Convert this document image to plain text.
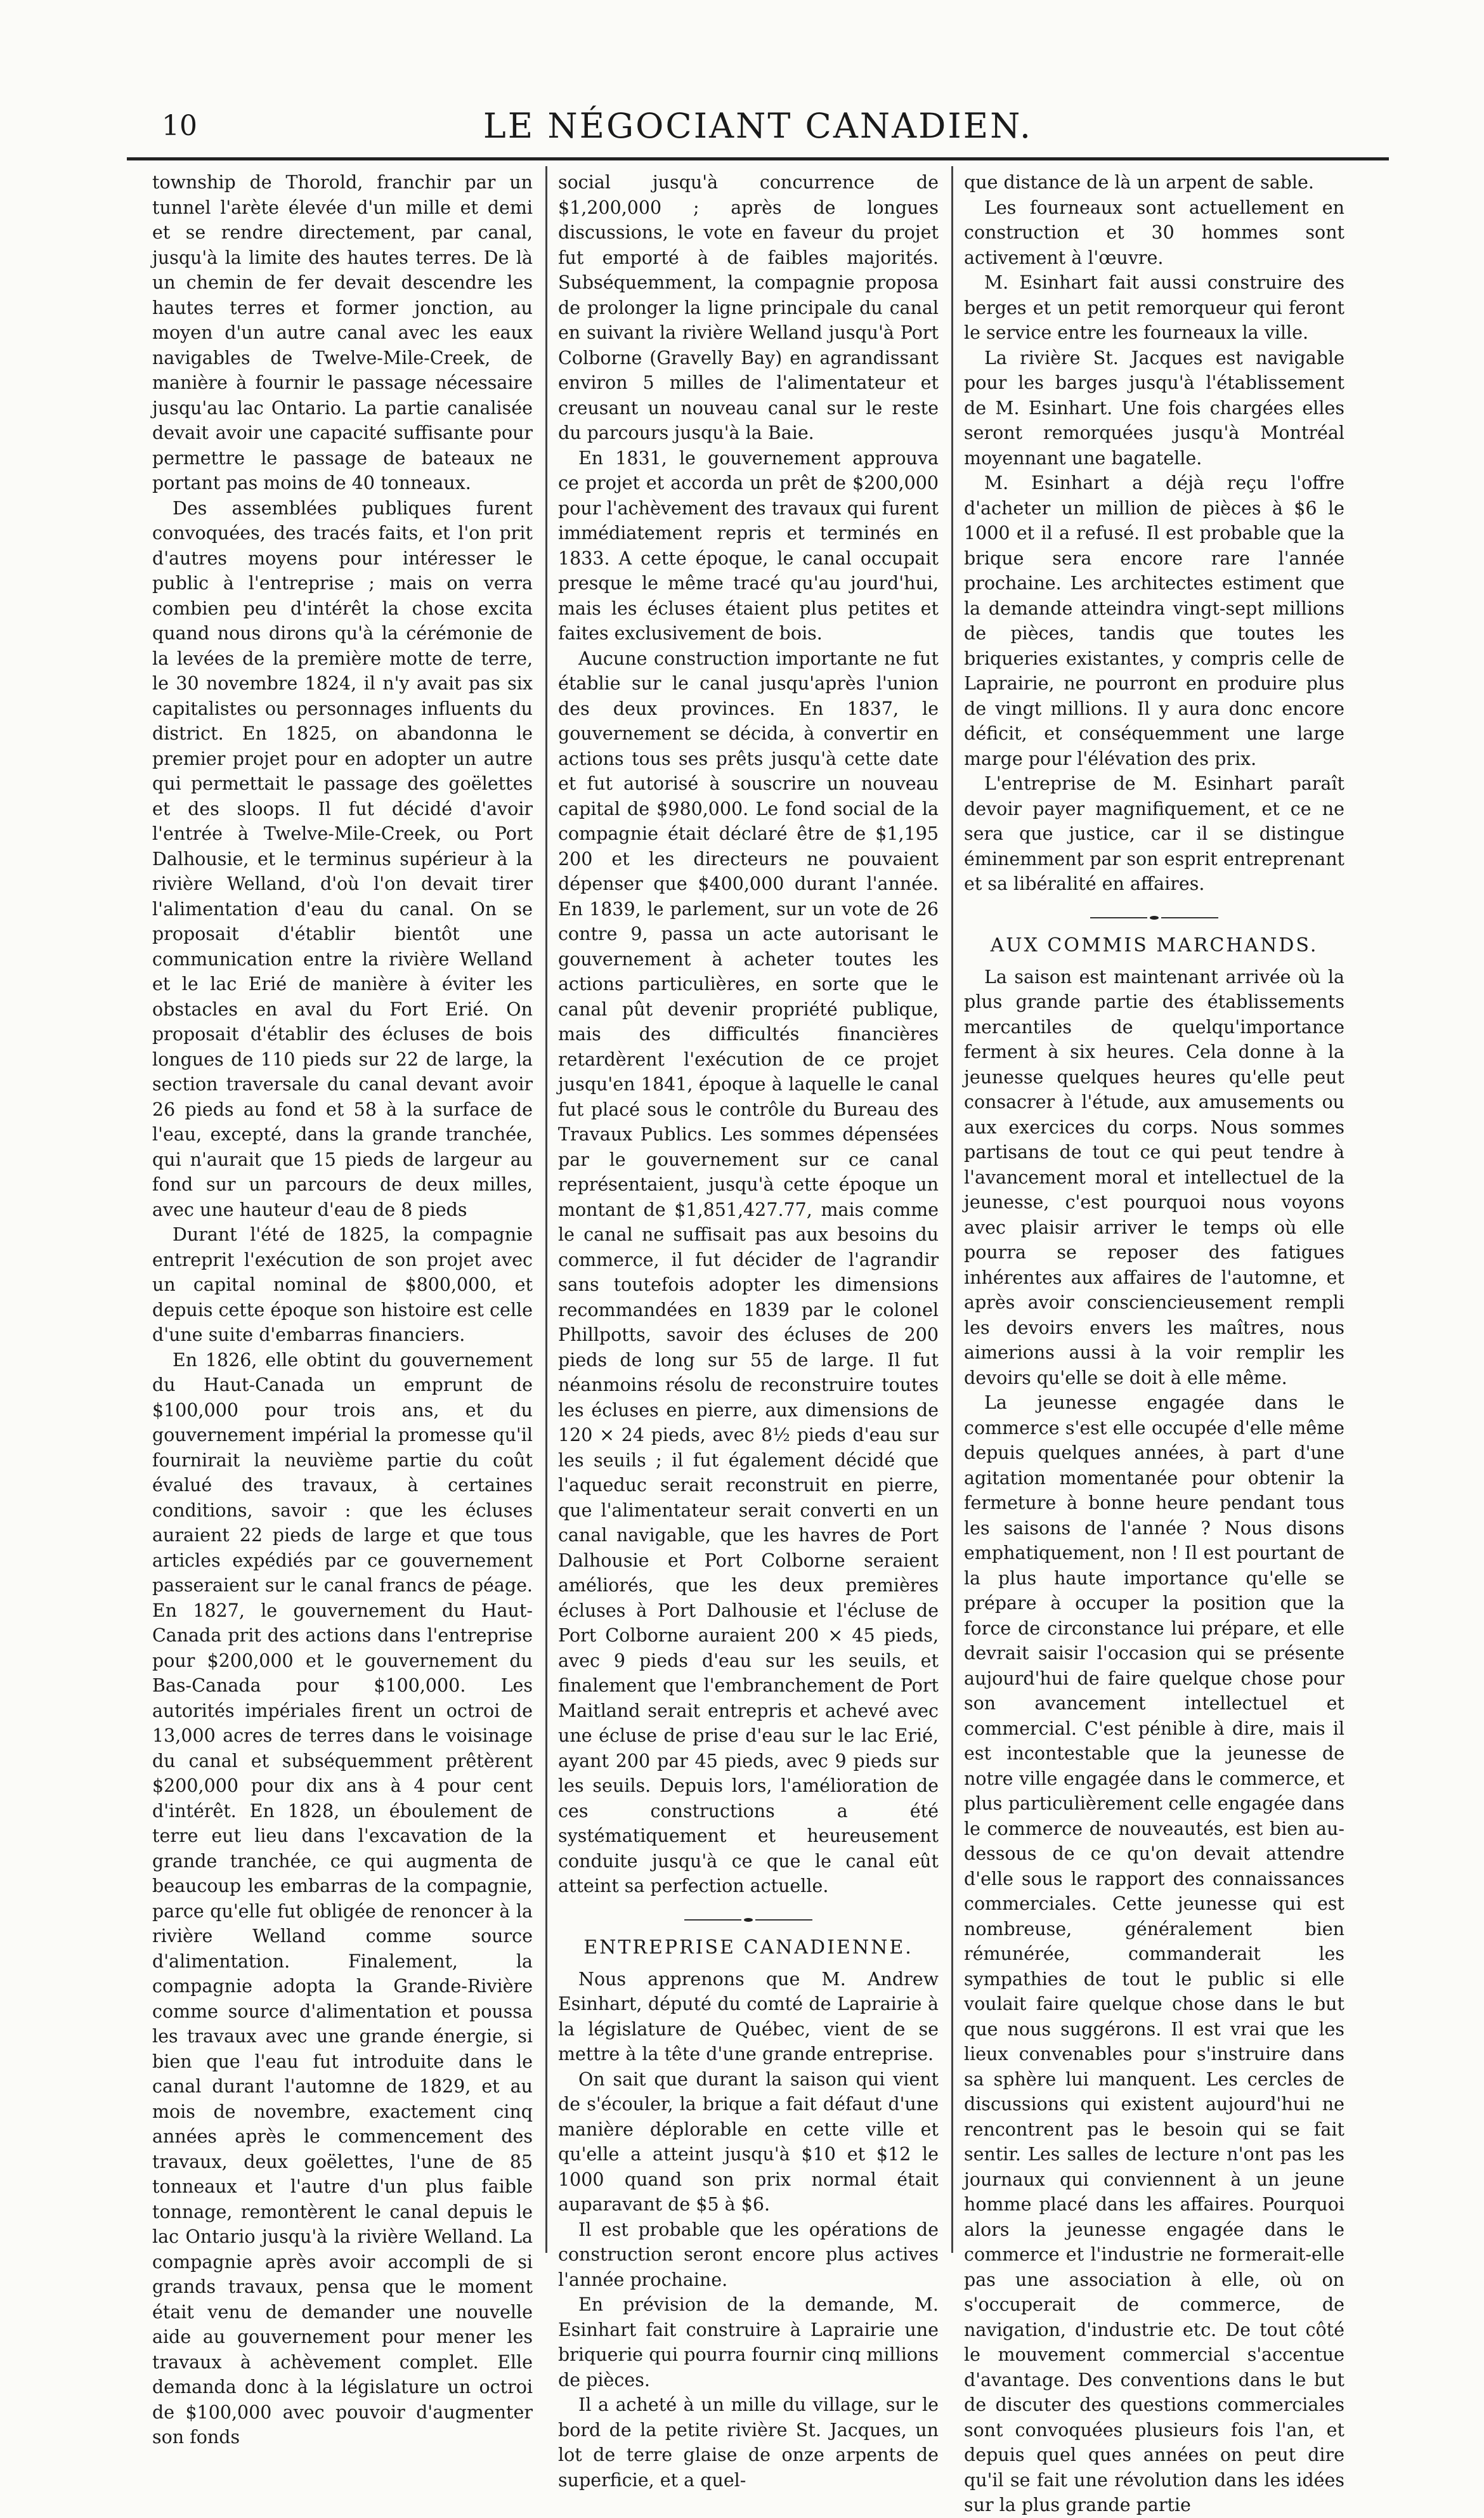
10	LE NÉGOCIANT CANADIEN.

township de Thorold, franchir par un tunnel l'arète élevée d'un mille et demi et se rendre directement, par canal, jusqu'à la limite des hautes terres. De là un chemin de fer devait descendre les hautes terres et former jonction, au moyen d'un autre canal avec les eaux navigables de Twelve-Mile-Creek, de manière à fournir le passage nécessaire jusqu'au lac Ontario. La partie canalisée devait avoir une capacité suffisante pour permettre le passage de bateaux ne portant pas moins de 40 tonneaux.

Des assemblées publiques furent convoquées, des tracés faits, et l'on prit d'autres moyens pour intéresser le public à l'entreprise ; mais on verra combien peu d'intérêt la chose excita quand nous dirons qu'à la cérémonie de la levées de la première motte de terre, le 30 novembre 1824, il n'y avait pas six capitalistes ou personnages influents du district. En 1825, on abandonna le premier projet pour en adopter un autre qui permettait le passage des goëlettes et des sloops. Il fut décidé d'avoir l'entrée à Twelve-Mile-Creek, ou Port Dalhousie, et le terminus supérieur à la rivière Welland, d'où l'on devait tirer l'alimentation d'eau du canal. On se proposait d'établir bientôt une communication entre la rivière Welland et le lac Erié de manière à éviter les obstacles en aval du Fort Erié. On proposait d'établir des écluses de bois longues de 110 pieds sur 22 de large, la section traversale du canal devant avoir 26 pieds au fond et 58 à la surface de l'eau, excepté, dans la grande tranchée, qui n'aurait que 15 pieds de largeur au fond sur un parcours de deux milles, avec une hauteur d'eau de 8 pieds

Durant l'été de 1825, la compagnie entreprit l'exécution de son projet avec un capital nominal de $800,000, et depuis cette époque son histoire est celle d'une suite d'embarras financiers.

En 1826, elle obtint du gouvernement du Haut-Canada un emprunt de $100,000 pour trois ans, et du gouvernement impérial la promesse qu'il fournirait la neuvième partie du coût évalué des travaux, à certaines conditions, savoir : que les écluses auraient 22 pieds de large et que tous articles expédiés par ce gouvernement passeraient sur le canal francs de péage. En 1827, le gouvernement du Haut-Canada prit des actions dans l'entreprise pour $200,000 et le gouvernement du Bas-Canada pour $100,000. Les autorités impériales firent un octroi de 13,000 acres de terres dans le voisinage du canal et subséquemment prêtèrent $200,000 pour dix ans à 4 pour cent d'intérêt. En 1828, un éboulement de terre eut lieu dans l'excavation de la grande tranchée, ce qui augmenta de beaucoup les embarras de la compagnie, parce qu'elle fut obligée de renoncer à la rivière Welland comme source d'alimentation. Finalement, la compagnie adopta la Grande-Rivière comme source d'alimentation et poussa les travaux avec une grande énergie, si bien que l'eau fut introduite dans le canal durant l'automne de 1829, et au mois de novembre, exactement cinq années après le commencement des travaux, deux goëlettes, l'une de 85 tonneaux et l'autre d'un plus faible tonnage, remontèrent le canal depuis le lac Ontario jusqu'à la rivière Welland. La compagnie après avoir accompli de si grands travaux, pensa que le moment était venu de demander une nouvelle aide au gouvernement pour mener les travaux à achèvement complet. Elle demanda donc à la législature un octroi de $100,000 avec pouvoir d'augmenter son fonds

social jusqu'à concurrence de $1,200,000 ; après de longues discussions, le vote en faveur du projet fut emporté à de faibles majorités. Subséquemment, la compagnie proposa de prolonger la ligne principale du canal en suivant la rivière Welland jusqu'à Port Colborne (Gravelly Bay) en agrandissant environ 5 milles de l'alimentateur et creusant un nouveau canal sur le reste du parcours jusqu'à la Baie.

En 1831, le gouvernement approuva ce projet et accorda un prêt de $200,000 pour l'achèvement des travaux qui furent immédiatement repris et terminés en 1833. A cette époque, le canal occupait presque le même tracé qu'au jourd'hui, mais les écluses étaient plus petites et faites exclusivement de bois.

Aucune construction importante ne fut établie sur le canal jusqu'après l'union des deux provinces. En 1837, le gouvernement se décida, à convertir en actions tous ses prêts jusqu'à cette date et fut autorisé à souscrire un nouveau capital de $980,000. Le fond social de la compagnie était déclaré être de $1,195 200 et les directeurs ne pouvaient dépenser que $400,000 durant l'année. En 1839, le parlement, sur un vote de 26 contre 9, passa un acte autorisant le gouvernement à acheter toutes les actions particulières, en sorte que le canal pût devenir propriété publique, mais des difficultés financières retardèrent l'exécution de ce projet jusqu'en 1841, époque à laquelle le canal fut placé sous le contrôle du Bureau des Travaux Publics. Les sommes dépensées par le gouvernement sur ce canal représentaient, jusqu'à cette époque un montant de $1,851,427.77, mais comme le canal ne suffisait pas aux besoins du commerce, il fut décider de l'agrandir sans toutefois adopter les dimensions recommandées en 1839 par le colonel Phillpotts, savoir des écluses de 200 pieds de long sur 55 de large. Il fut néanmoins résolu de reconstruire toutes les écluses en pierre, aux dimensions de 120 × 24 pieds, avec 8½ pieds d'eau sur les seuils ; il fut également décidé que l'aqueduc serait reconstruit en pierre, que l'alimentateur serait converti en un canal navigable, que les havres de Port Dalhousie et Port Colborne seraient améliorés, que les deux premières écluses à Port Dalhousie et l'écluse de Port Colborne auraient 200 × 45 pieds, avec 9 pieds d'eau sur les seuils, et finalement que l'embranchement de Port Maitland serait entrepris et achevé avec une écluse de prise d'eau sur le lac Erié, ayant 200 par 45 pieds, avec 9 pieds sur les seuils. Depuis lors, l'amélioration de ces constructions a été systématiquement et heureusement conduite jusqu'à ce que le canal eût atteint sa perfection actuelle.

ENTREPRISE CANADIENNE.

Nous apprenons que M. Andrew Esinhart, député du comté de Laprairie à la législature de Québec, vient de se mettre à la tête d'une grande entreprise.

On sait que durant la saison qui vient de s'écouler, la brique a fait défaut d'une manière déplorable en cette ville et qu'elle a atteint jusqu'à $10 et $12 le 1000 quand son prix normal était auparavant de $5 à $6.

Il est probable que les opérations de construction seront encore plus actives l'année prochaine.

En prévision de la demande, M. Esinhart fait construire à Laprairie une briquerie qui pourra fournir cinq millions de pièces.

Il a acheté à un mille du village, sur le bord de la petite rivière St. Jacques, un lot de terre glaise de onze arpents de superficie, et a quel-

que distance de là un arpent de sable.

Les fourneaux sont actuellement en construction et 30 hommes sont activement à l'œuvre.

M. Esinhart fait aussi construire des berges et un petit remorqueur qui feront le service entre les fourneaux la ville.

La rivière St. Jacques est navigable pour les barges jusqu'à l'établissement de M. Esinhart. Une fois chargées elles seront remorquées jusqu'à Montréal moyennant une bagatelle.

M. Esinhart a déjà reçu l'offre d'acheter un million de pièces à $6 le 1000 et il a refusé. Il est probable que la brique sera encore rare l'année prochaine. Les architectes estiment que la demande atteindra vingt-sept millions de pièces, tandis que toutes les briqueries existantes, y compris celle de Laprairie, ne pourront en produire plus de vingt millions. Il y aura donc encore déficit, et conséquemment une large marge pour l'élévation des prix.

L'entreprise de M. Esinhart paraît devoir payer magnifiquement, et ce ne sera que justice, car il se distingue éminemment par son esprit entreprenant et sa libéralité en affaires.

AUX COMMIS MARCHANDS.

La saison est maintenant arrivée où la plus grande partie des établissements mercantiles de quelqu'importance ferment à six heures. Cela donne à la jeunesse quelques heures qu'elle peut consacrer à l'étude, aux amusements ou aux exercices du corps. Nous sommes partisans de tout ce qui peut tendre à l'avancement moral et intellectuel de la jeunesse, c'est pourquoi nous voyons avec plaisir arriver le temps où elle pourra se reposer des fatigues inhérentes aux affaires de l'automne, et après avoir consciencieusement rempli les devoirs envers les maîtres, nous aimerions aussi à la voir remplir les devoirs qu'elle se doit à elle même.

La jeunesse engagée dans le commerce s'est elle occupée d'elle même depuis quelques années, à part d'une agitation momentanée pour obtenir la fermeture à bonne heure pendant tous les saisons de l'année ? Nous disons emphatiquement, non ! Il est pourtant de la plus haute importance qu'elle se prépare à occuper la position que la force de circonstance lui prépare, et elle devrait saisir l'occasion qui se présente aujourd'hui de faire quelque chose pour son avancement intellectuel et commercial. C'est pénible à dire, mais il est incontestable que la jeunesse de notre ville engagée dans le commerce, et plus particulièrement celle engagée dans le commerce de nouveautés, est bien au-dessous de ce qu'on devait attendre d'elle sous le rapport des connaissances commerciales. Cette jeunesse qui est nombreuse, généralement bien rémunérée, commanderait les sympathies de tout le public si elle voulait faire quelque chose dans le but que nous suggérons. Il est vrai que les lieux convenables pour s'instruire dans sa sphère lui manquent. Les cercles de discussions qui existent aujourd'hui ne rencontrent pas le besoin qui se fait sentir. Les salles de lecture n'ont pas les journaux qui conviennent à un jeune homme placé dans les affaires. Pourquoi alors la jeunesse engagée dans le commerce et l'industrie ne formerait-elle pas une association à elle, où on s'occuperait de commerce, de navigation, d'industrie etc. De tout côté le mouvement commercial s'accentue d'avantage. Des conventions dans le but de discuter des questions commerciales sont convoquées plusieurs fois l'an, et depuis quel ques années on peut dire qu'il se fait une révolution dans les idées sur la plus grande partie
